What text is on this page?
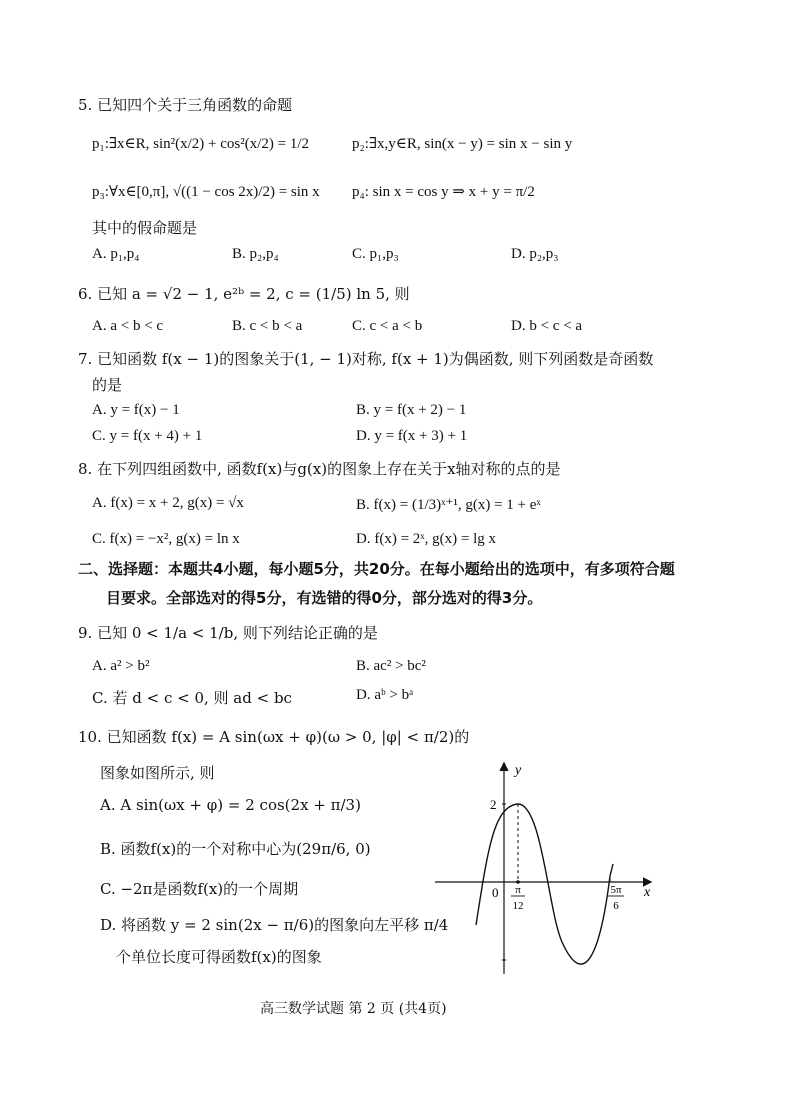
5. 已知四个关于三角函数的命题
p₁:∃x∈R, sin²(x/2) + cos²(x/2) = 1/2	p₂:∃x,y∈R, sin(x − y) = sin x − sin y
p₃:∀x∈[0,π], √((1 − cos 2x)/2) = sin x p₄: sin x = cos y ⇒ x + y = π/2
其中的假命题是
A. p₁,p₄	B. p₂,p₄	C. p₁,p₃	D. p₂,p₃
6. 已知 a = √2 − 1, e²ᵇ = 2, c = (1/5) ln 5, 则
A. a < b < c	B. c < b < a	C. c < a < b	D. b < c < a
7. 已知函数 f(x − 1)的图象关于(1, − 1)对称, f(x + 1)为偶函数, 则下列函数是奇函数
的是
A. y = f(x) − 1	B. y = f(x + 2) − 1
C. y = f(x + 4) + 1	D. y = f(x + 3) + 1
8. 在下列四组函数中, 函数f(x)与g(x)的图象上存在关于x轴对称的点的是
A. f(x) = x + 2, g(x) = √x	B. f(x) = (1/3)ˣ⁺¹, g(x) = 1 + eˣ
C. f(x) = −x², g(x) = ln x	D. f(x) = 2ˣ, g(x) = lg x
二、选择题：本题共4小题，每小题5分，共20分。在每小题给出的选项中，有多项符合题
目要求。全部选对的得5分，有选错的得0分，部分选对的得3分。
9. 已知 0 < 1/a < 1/b, 则下列结论正确的是
A. a² > b²	B. ac² > bc²
C. 若 d < c < 0, 则 ad < bc	D. aᵇ > bᵃ
10. 已知函数 f(x) = A sin(ωx + φ)(ω > 0, |φ| < π/2)的
图象如图所示, 则
A. A sin(ωx + φ) = 2 cos(2x + π/3)
B. 函数f(x)的一个对称中心为(29π/6, 0)
C. −2π是函数f(x)的一个周期
D. 将函数 y = 2 sin(2x − π/6)的图象向左平移 π/4
个单位长度可得函数f(x)的图象
y
x
0
2
π
12
5π
6
高三数学试题 第 2 页 (共4页)
